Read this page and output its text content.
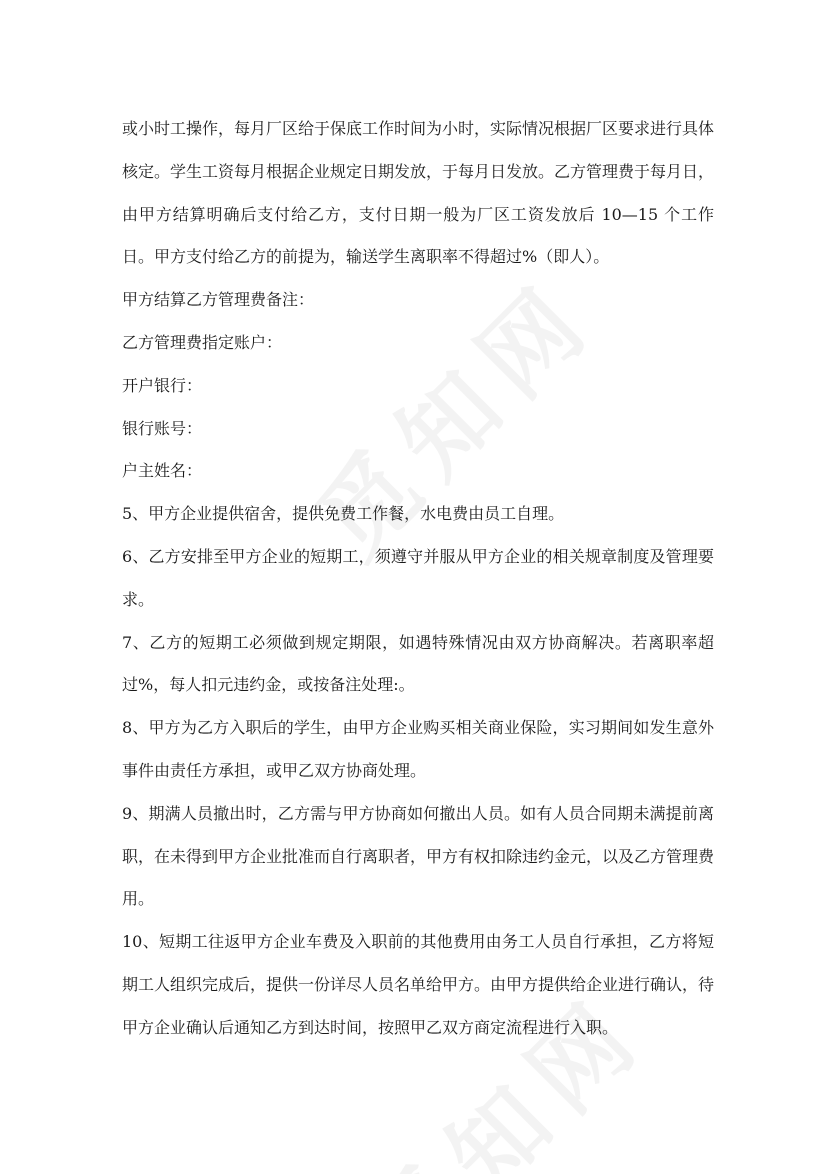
或小时工操作，每月厂区给于保底工作时间为小时，实际情况根据厂区要求进行具体核定。学生工资每月根据企业规定日期发放，于每月日发放。乙方管理费于每月日，由甲方结算明确后支付给乙方，支付日期一般为厂区工资发放后 10—15 个工作日。甲方支付给乙方的前提为，输送学生离职率不得超过%（即人）。

甲方结算乙方管理费备注：

乙方管理费指定账户：

开户银行：

银行账号：

户主姓名：

5、甲方企业提供宿舍，提供免费工作餐，水电费由员工自理。

6、乙方安排至甲方企业的短期工，须遵守并服从甲方企业的相关规章制度及管理要求。

7、乙方的短期工必须做到规定期限，如遇特殊情况由双方协商解决。若离职率超过%，每人扣元违约金，或按备注处理:。

8、甲方为乙方入职后的学生，由甲方企业购买相关商业保险，实习期间如发生意外事件由责任方承担，或甲乙双方协商处理。

9、期满人员撤出时，乙方需与甲方协商如何撤出人员。如有人员合同期未满提前离职，在未得到甲方企业批准而自行离职者，甲方有权扣除违约金元，以及乙方管理费用。

10、短期工往返甲方企业车费及入职前的其他费用由务工人员自行承担，乙方将短期工人组织完成后，提供一份详尽人员名单给甲方。由甲方提供给企业进行确认，待甲方企业确认后通知乙方到达时间，按照甲乙双方商定流程进行入职。
